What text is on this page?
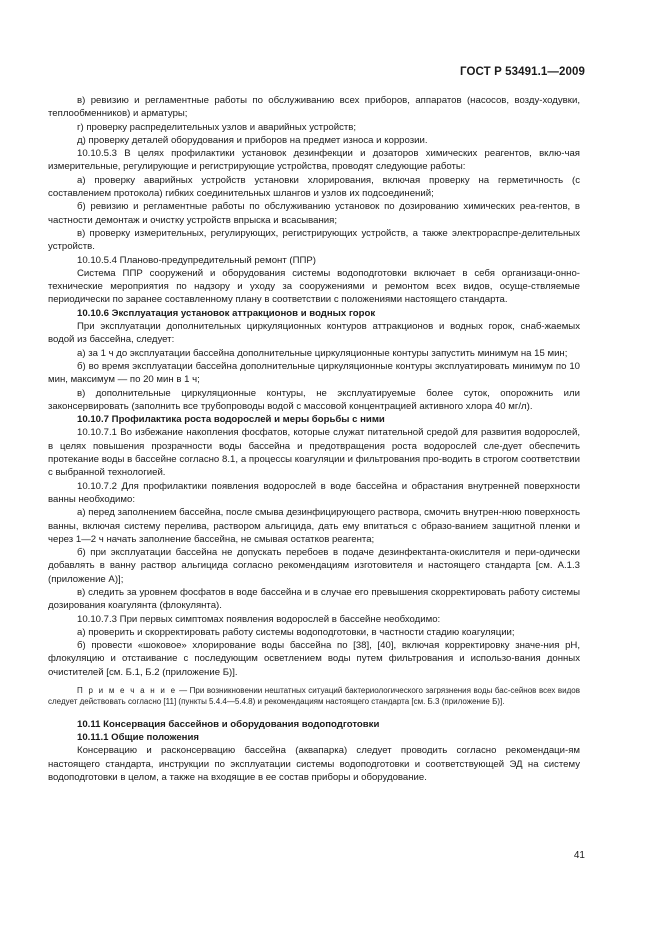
ГОСТ Р 53491.1—2009

в) ревизию и регламентные работы по обслуживанию всех приборов, аппаратов (насосов, возду-ходувки, теплообменников) и арматуры;

г) проверку распределительных узлов и аварийных устройств;

д) проверку деталей оборудования и приборов на предмет износа и коррозии.

10.10.5.3 В целях профилактики установок дезинфекции и дозаторов химических реагентов, вклю-чая измерительные, регулирующие и регистрирующие устройства, проводят следующие работы:

а) проверку аварийных устройств установки хлорирования, включая проверку на герметичность (с составлением протокола) гибких соединительных шлангов и узлов их подсоединений;

б) ревизию и регламентные работы по обслуживанию установок по дозированию химических реа-гентов, в частности демонтаж и очистку устройств впрыска и всасывания;

в) проверку измерительных, регулирующих, регистрирующих устройств, а также электрораспре-делительных устройств.

10.10.5.4 Планово-предупредительный ремонт (ППР)

Система ППР сооружений и оборудования системы водоподготовки включает в себя организаци-онно-технические мероприятия по надзору и уходу за сооружениями и ремонтом всех видов, осуще-ствляемые периодически по заранее составленному плану в соответствии с положениями настоящего стандарта.

10.10.6 Эксплуатация установок аттракционов и водных горок

При эксплуатации дополнительных циркуляционных контуров аттракционов и водных горок, снаб-жаемых водой из бассейна, следует:

а) за 1 ч до эксплуатации бассейна дополнительные циркуляционные контуры запустить минимум на 15 мин;

б) во время эксплуатации бассейна дополнительные циркуляционные контуры эксплуатировать минимум по 10 мин, максимум — по 20 мин в 1 ч;

в) дополнительные циркуляционные контуры, не эксплуатируемые более суток, опорожнить или законсервировать (заполнить все трубопроводы водой с массовой концентрацией активного хлора 40 мг/л).

10.10.7 Профилактика роста водорослей и меры борьбы с ними

10.10.7.1 Во избежание накопления фосфатов, которые служат питательной средой для развития водорослей, в целях повышения прозрачности воды бассейна и предотвращения роста водорослей сле-дует обеспечить протекание воды в бассейне согласно 8.1, а процессы коагуляции и фильтрования про-водить в строгом соответствии с выбранной технологией.

10.10.7.2 Для профилактики появления водорослей в воде бассейна и обрастания внутренней поверхности ванны необходимо:

а) перед заполнением бассейна, после смыва дезинфицирующего раствора, смочить внутрен-нюю поверхность ванны, включая систему перелива, раствором альгицида, дать ему впитаться с образо-ванием защитной пленки и через 1—2 ч начать заполнение бассейна, не смывая остатков реагента;

б) при эксплуатации бассейна не допускать перебоев в подаче дезинфектанта-окислителя и пери-одически добавлять в ванну раствор альгицида согласно рекомендациям изготовителя и настоящего стандарта [см. А.1.3 (приложение А)];

в) следить за уровнем фосфатов в воде бассейна и в случае его превышения скорректировать работу системы дозирования коагулянта (флокулянта).

10.10.7.3 При первых симптомах появления водорослей в бассейне необходимо:

а) проверить и скорректировать работу системы водоподготовки, в частности стадию коагуляции;

б) провести «шоковое» хлорирование воды бассейна по [38], [40], включая корректировку значе-ния pH, флокуляцию и отстаивание с последующим осветлением воды путем фильтрования и использо-вания донных очистителей [см. Б.1, Б.2 (приложение Б)].

П р и м е ч а н и е — При возникновении нештатных ситуаций бактериологического загрязнения воды бас-сейнов всех видов следует действовать согласно [11] (пункты 5.4.4—5.4.8) и рекомендациям настоящего стандарта [см. Б.3 (приложение Б)].

10.11 Консервация бассейнов и оборудования водоподготовки

10.11.1 Общие положения

Консервацию и расконсервацию бассейна (аквапарка) следует проводить согласно рекомендаци-ям настоящего стандарта, инструкции по эксплуатации системы водоподготовки и соответствующей ЭД на систему водоподготовки в целом, а также на входящие в ее состав приборы и оборудование.

41
